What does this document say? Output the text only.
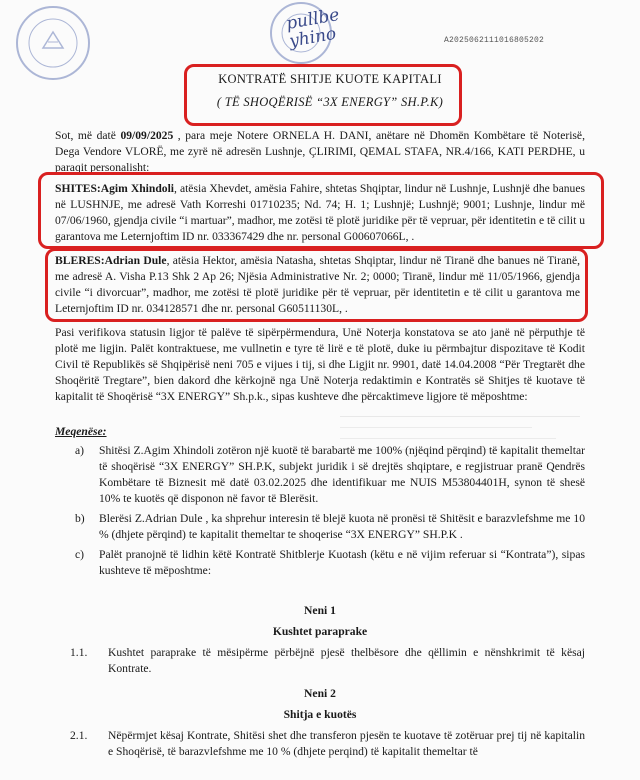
pullbe yhino	A2025062111016805202
KONTRATË SHITJE KUOTE KAPITALI
( TË SHOQËRISË “3X ENERGY” SH.P.K)
Sot, më datë 09/09/2025 , para meje Notere ORNELA H. DANI, anëtare në Dhomën Kombëtare të Noterisë, Dega Vendore VLORË, me zyrë në adresën Lushnje, ÇLIRIMI, QEMAL STAFA, NR.4/166, KATI PERDHE, u paraqit personalisht:
SHITES:Agim Xhindoli, atësia Xhevdet, amësia Fahire, shtetas Shqiptar, lindur në Lushnje, Lushnjë dhe banues në LUSHNJE, me adresë Vath Korreshi 01710235; Nd. 74; H. 1; Lushnjë; Lushnjë; 9001; Lushnje, lindur më 07/06/1960, gjendja civile “i martuar”, madhor, me zotësi të plotë juridike për të vepruar, për identitetin e të cilit u garantova me Leternjoftim ID nr. 033367429 dhe nr. personal G00607066L, .
BLERES:Adrian Dule, atësia Hektor, amësia Natasha, shtetas Shqiptar, lindur në Tiranë dhe banues në Tiranë, me adresë A. Visha P.13 Shk 2 Ap 26; Njësia Administrative Nr. 2; 0000; Tiranë, lindur më 11/05/1966, gjendja civile “i divorcuar”, madhor, me zotësi të plotë juridike për të vepruar, për identitetin e të cilit u garantova me Leternjoftim ID nr. 034128571 dhe nr. personal G60511130L, .
Pasi verifikova statusin ligjor të palëve të sipërpërmendura, Unë Noterja konstatova se ato janë në përputhje të plotë me ligjin. Palët kontraktuese, me vullnetin e tyre të lirë e të plotë, duke iu përmbajtur dispozitave të Kodit Civil të Republikës së Shqipërisë neni 705 e vijues i tij, si dhe Ligjit nr. 9901, datë 14.04.2008 “Për Tregtarët dhe Shoqëritë Tregtare”, bien dakord dhe kërkojnë nga Unë Noterja redaktimin e Kontratës së Shitjes të kuotave të kapitalit të Shoqërisë “3X ENERGY” Sh.p.k., sipas kushteve dhe përcaktimeve ligjore të mëposhtme:
Meqenëse:
a)	Shitësi Z.Agim Xhindoli zotëron një kuotë të barabartë me 100% (njëqind përqind) të kapitalit themeltar të shoqërisë “3X ENERGY” SH.P.K, subjekt juridik i së drejtës shqiptare, e regjistruar pranë Qendrës Kombëtare të Biznesit më datë 03.02.2025 dhe identifikuar me NUIS M53804401H, synon të shesë 10% te kuotës që disponon në favor të Blerësit.
b)	Blerësi Z.Adrian Dule , ka shprehur interesin të blejë kuota në pronësi të Shitësit e barazvlefshme me 10 % (dhjete përqind) te kapitalit themeltar te shoqerise “3X ENERGY” SH.P.K .
c)	Palët pranojnë të lidhin këtë Kontratë Shitblerje Kuotash (këtu e në vijim referuar si “Kontrata”), sipas kushteve të mëposhtme:
Neni 1
Kushtet paraprake
1.1.	Kushtet paraprake të mësipërme përbëjnë pjesë thelbësore dhe qëllimin e nënshkrimit të kësaj Kontrate.
Neni 2
Shitja e kuotës
2.1.	Nëpërmjet kësaj Kontrate, Shitësi shet dhe transferon pjesën te kuotave të zotëruar prej tij në kapitalin e Shoqërisë, të barazvlefshme me 10 % (dhjete perqind) të kapitalit themeltar të
